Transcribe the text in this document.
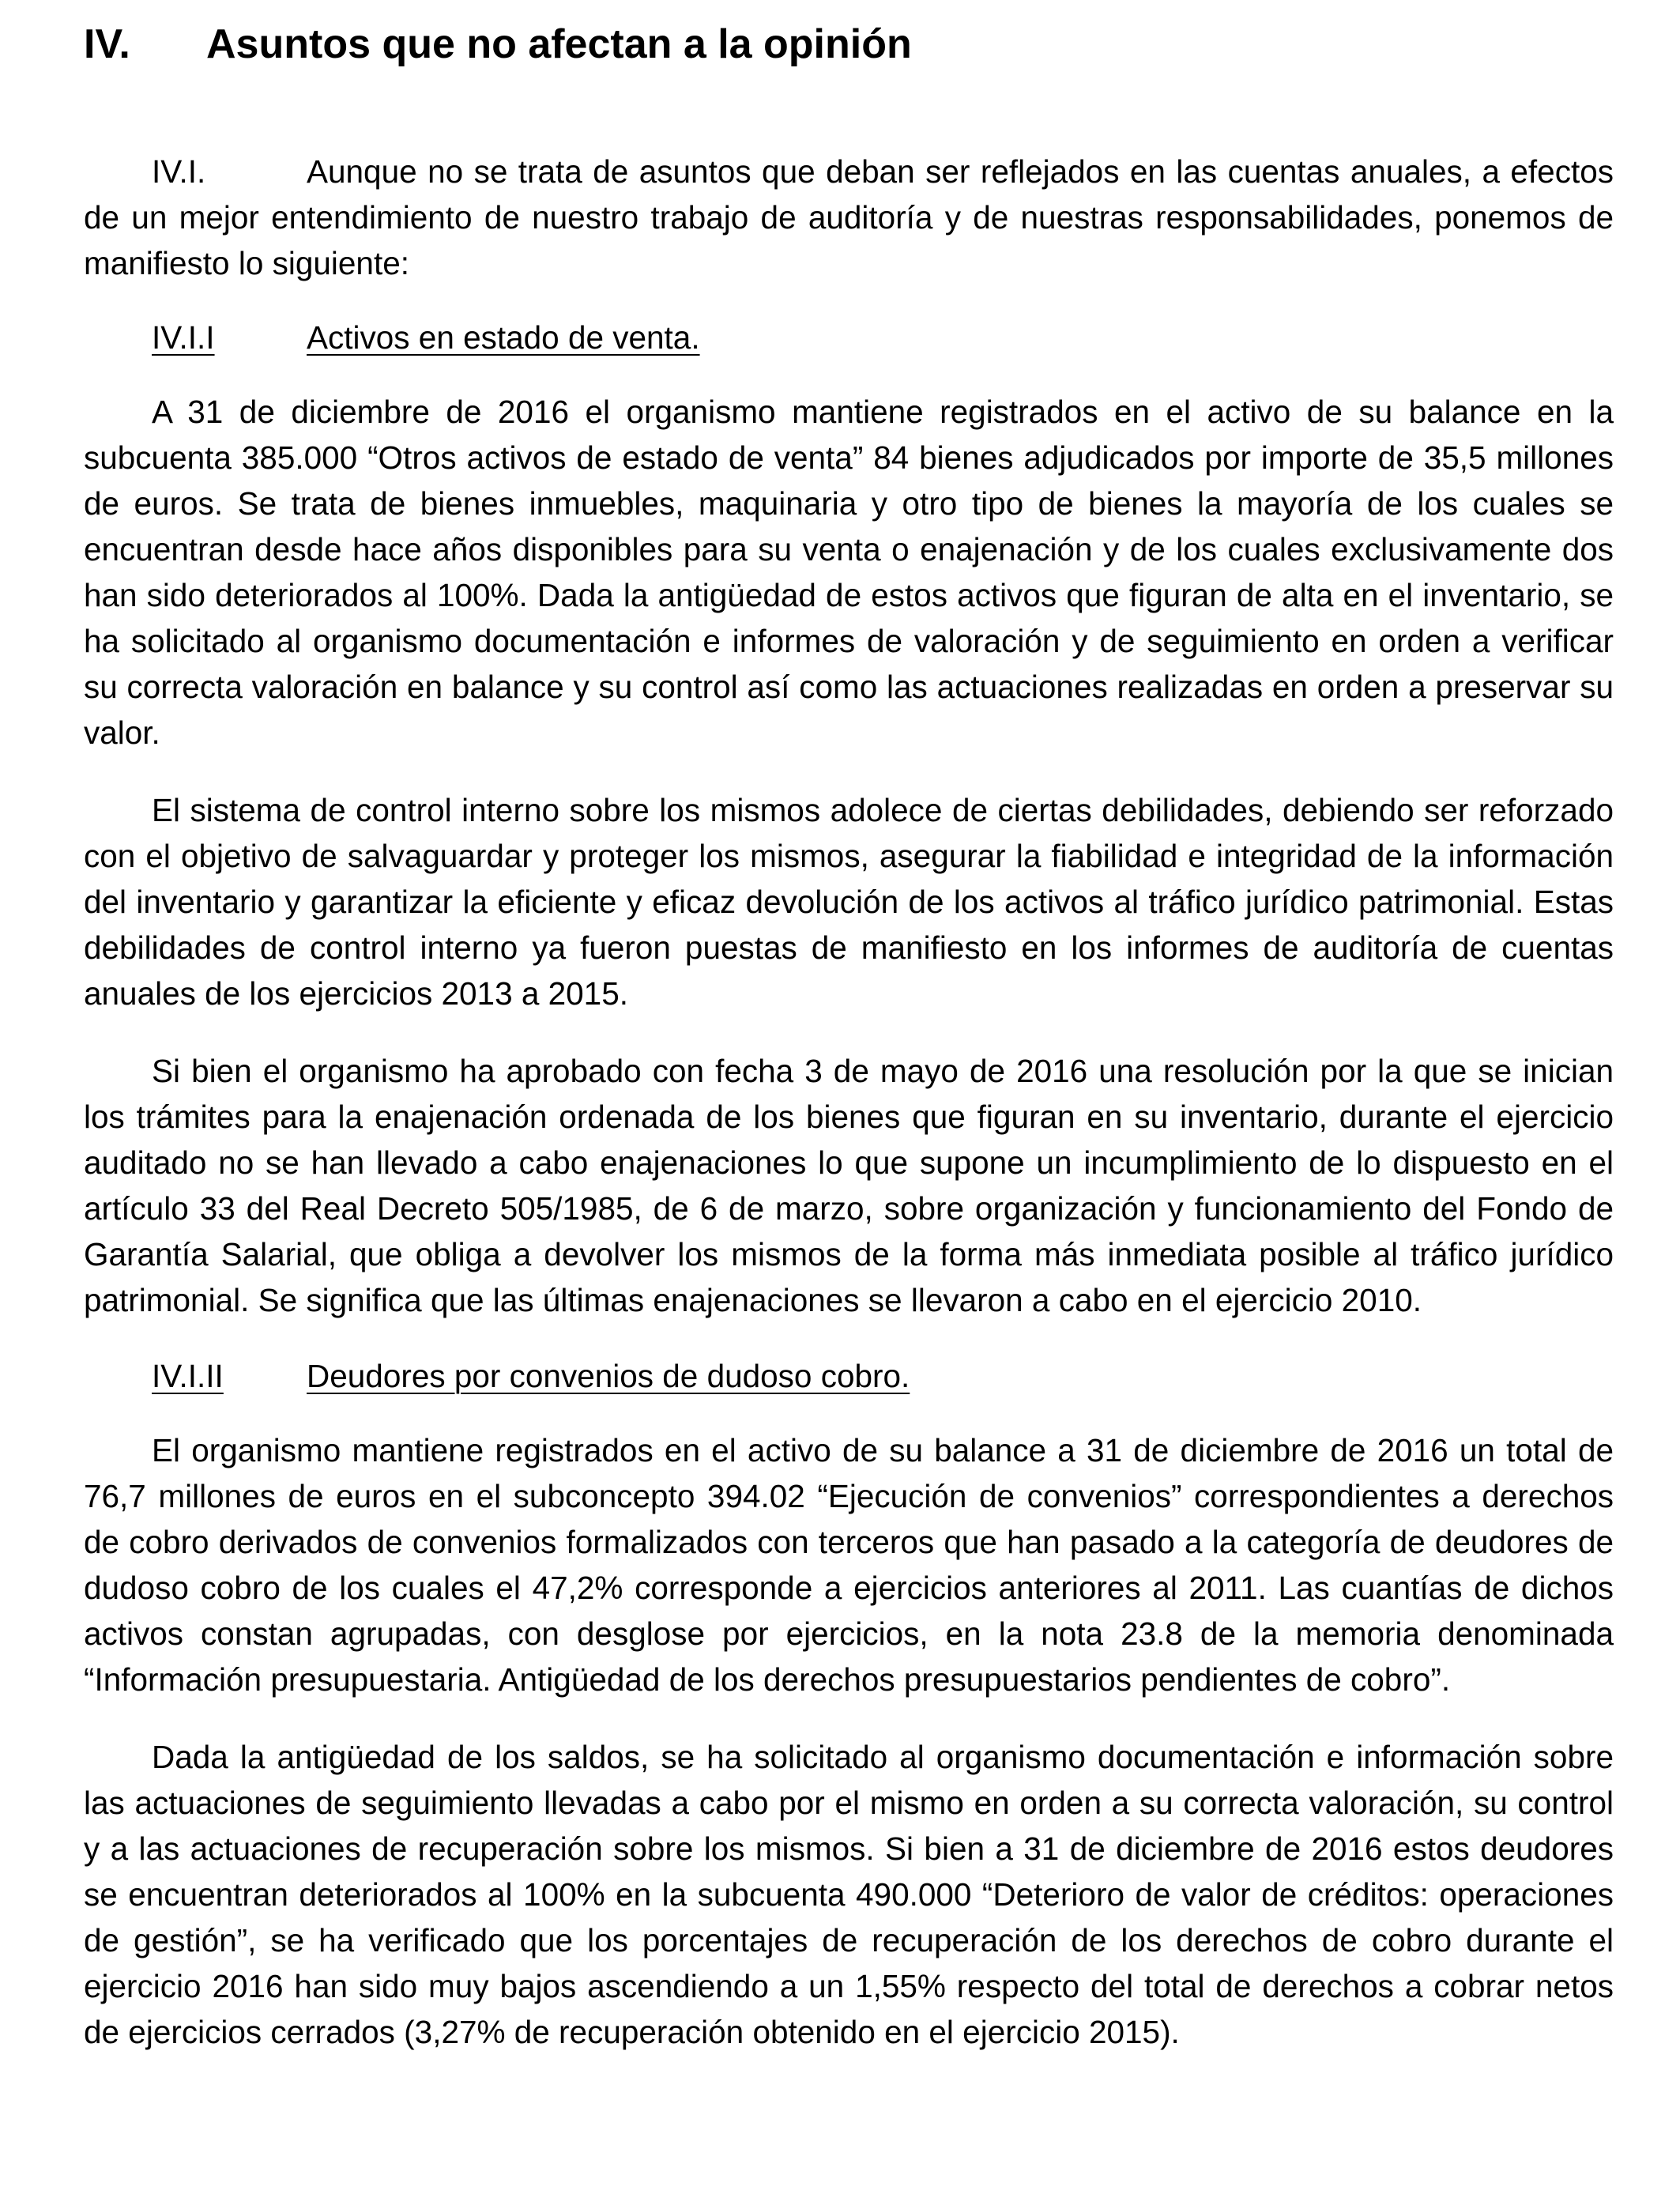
IV.	Asuntos que no afectan a la opinión

IV.I.	Aunque no se trata de asuntos que deban ser reflejados en las cuentas anuales, a efectos de un mejor entendimiento de nuestro trabajo de auditoría y de nuestras responsabilidades, ponemos de manifiesto lo siguiente:

IV.I.I	Activos en estado de venta.

A 31 de diciembre de 2016 el organismo mantiene registrados en el activo de su balance en la subcuenta 385.000 “Otros activos de estado de venta” 84 bienes adjudicados por importe de 35,5 millones de euros. Se trata de bienes inmuebles, maquinaria y otro tipo de bienes la mayoría de los cuales se encuentran desde hace años disponibles para su venta o enajenación y de los cuales exclusivamente dos han sido deteriorados al 100%. Dada la antigüedad de estos activos que figuran de alta en el inventario, se ha solicitado al organismo documentación e informes de valoración y de seguimiento en orden a verificar su correcta valoración en balance y su control así como las actuaciones realizadas en orden a preservar su valor.

El sistema de control interno sobre los mismos adolece de ciertas debilidades, debiendo ser reforzado con el objetivo de salvaguardar y proteger los mismos, asegurar la fiabilidad e integridad de la información del inventario y garantizar la eficiente y eficaz devolución de los activos al tráfico jurídico patrimonial. Estas debilidades de control interno ya fueron puestas de manifiesto en los informes de auditoría de cuentas anuales de los ejercicios 2013 a 2015.

Si bien el organismo ha aprobado con fecha 3 de mayo de 2016 una resolución por la que se inician los trámites para la enajenación ordenada de los bienes que figuran en su inventario, durante el ejercicio auditado no se han llevado a cabo enajenaciones lo que supone un incumplimiento de lo dispuesto en el artículo 33 del Real Decreto 505/1985, de 6 de marzo, sobre organización y funcionamiento del Fondo de Garantía Salarial, que obliga a devolver los mismos de la forma más inmediata posible al tráfico jurídico patrimonial. Se significa que las últimas enajenaciones se llevaron a cabo en el ejercicio 2010.

IV.I.II	Deudores por convenios de dudoso cobro.

El organismo mantiene registrados en el activo de su balance a 31 de diciembre de 2016 un total de 76,7 millones de euros en el subconcepto 394.02 “Ejecución de convenios” correspondientes a derechos de cobro derivados de convenios formalizados con terceros que han pasado a la categoría de deudores de dudoso cobro de los cuales el 47,2% corresponde a ejercicios anteriores al 2011. Las cuantías de dichos activos constan agrupadas, con desglose por ejercicios, en la nota 23.8 de la memoria denominada “Información presupuestaria. Antigüedad de los derechos presupuestarios pendientes de cobro”.

Dada la antigüedad de los saldos, se ha solicitado al organismo documentación e información sobre las actuaciones de seguimiento llevadas a cabo por el mismo en orden a su correcta valoración, su control y a las actuaciones de recuperación sobre los mismos. Si bien a 31 de diciembre de 2016 estos deudores se encuentran deteriorados al 100% en la subcuenta 490.000 “Deterioro de valor de créditos: operaciones de gestión”, se ha verificado que los porcentajes de recuperación de los derechos de cobro durante el ejercicio 2016 han sido muy bajos ascendiendo a un 1,55% respecto del total de derechos a cobrar netos de ejercicios cerrados (3,27% de recuperación obtenido en el ejercicio 2015).
